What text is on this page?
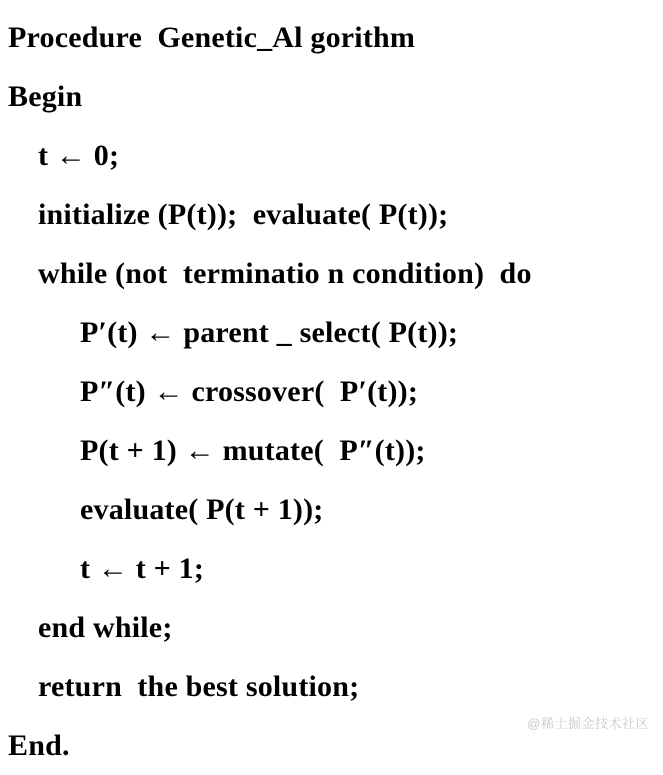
Procedure  Genetic_Al gorithm
Begin
t ← 0;
initialize (P(t));  evaluate( P(t));
while (not  terminatio n condition)  do
P′(t) ← parent _ select( P(t));
P″(t) ← crossover(  P′(t));
P(t + 1) ← mutate(  P″(t));
evaluate( P(t + 1));
t ← t + 1;
end while;
return  the best solution;
End.
@稀土掘金技术社区
